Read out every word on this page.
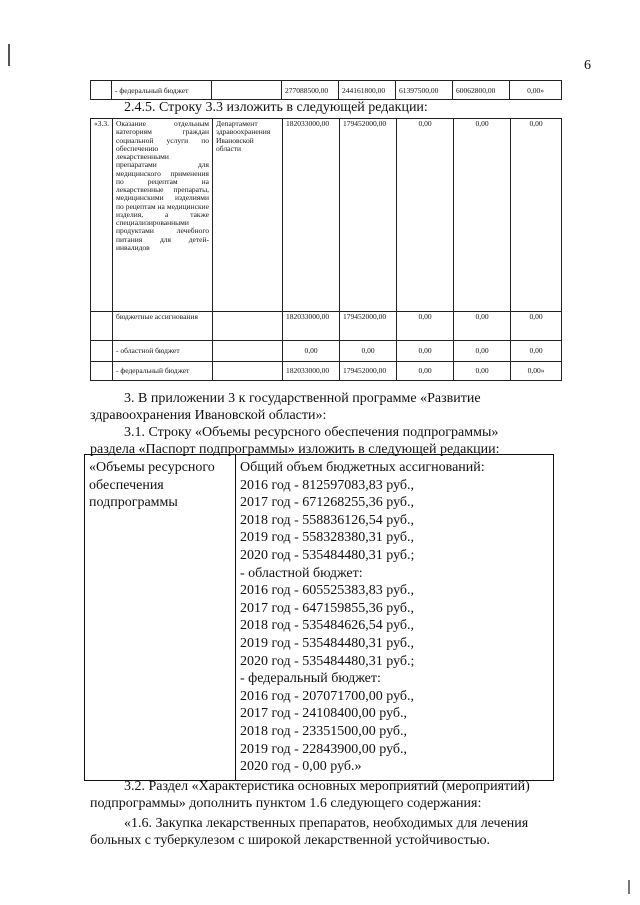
6
	- федеральный бюджет		277088500,00	244161800,00	61397500,00	60062800,00	0,00»
2.4.5. Строку 3.3 изложить в следующей редакции:
«3.3.	Оказание отдельным категориям граждан социальной услуги по обеспечению лекарственными препаратами для медицинского применения по рецептам на лекарственные препараты, медицинскими изделиями по рецептам на медицинские изделия, а также специализированными продуктами лечебного питания для детей-инвалидов	Департамент здравоохранения Ивановской области	182033000,00	179452000,00	0,00	0,00	0,00
	бюджетные ассигнования		182033000,00	179452000,00	0,00	0,00	0,00
	- областной бюджет		0,00	0,00	0,00	0,00	0,00
	- федеральный бюджет		182033000,00	179452000,00	0,00	0,00	0,00»
3. В приложении 3 к государственной программе «Развитие
здравоохранения Ивановской области»:
3.1. Строку «Объемы ресурсного обеспечения подпрограммы»
раздела «Паспорт подпрограммы» изложить в следующей редакции:
«Объемы ресурсного
обеспечения
подпрограммы

Общий объем бюджетных ассигнований:
2016 год - 812597083,83 руб.,
2017 год - 671268255,36 руб.,
2018 год - 558836126,54 руб.,
2019 год - 558328380,31 руб.,
2020 год - 535484480,31 руб.;
- областной бюджет:
2016 год - 605525383,83 руб.,
2017 год - 647159855,36 руб.,
2018 год - 535484626,54 руб.,
2019 год - 535484480,31 руб.,
2020 год - 535484480,31 руб.;
- федеральный бюджет:
2016 год - 207071700,00 руб.,
2017 год - 24108400,00 руб.,
2018 год - 23351500,00 руб.,
2019 год - 22843900,00 руб.,
2020 год - 0,00 руб.»
3.2. Раздел «Характеристика основных мероприятий (мероприятий)
подпрограммы» дополнить пунктом 1.6 следующего содержания:
«1.6. Закупка лекарственных препаратов, необходимых для лечения
больных с туберкулезом с широкой лекарственной устойчивостью.
